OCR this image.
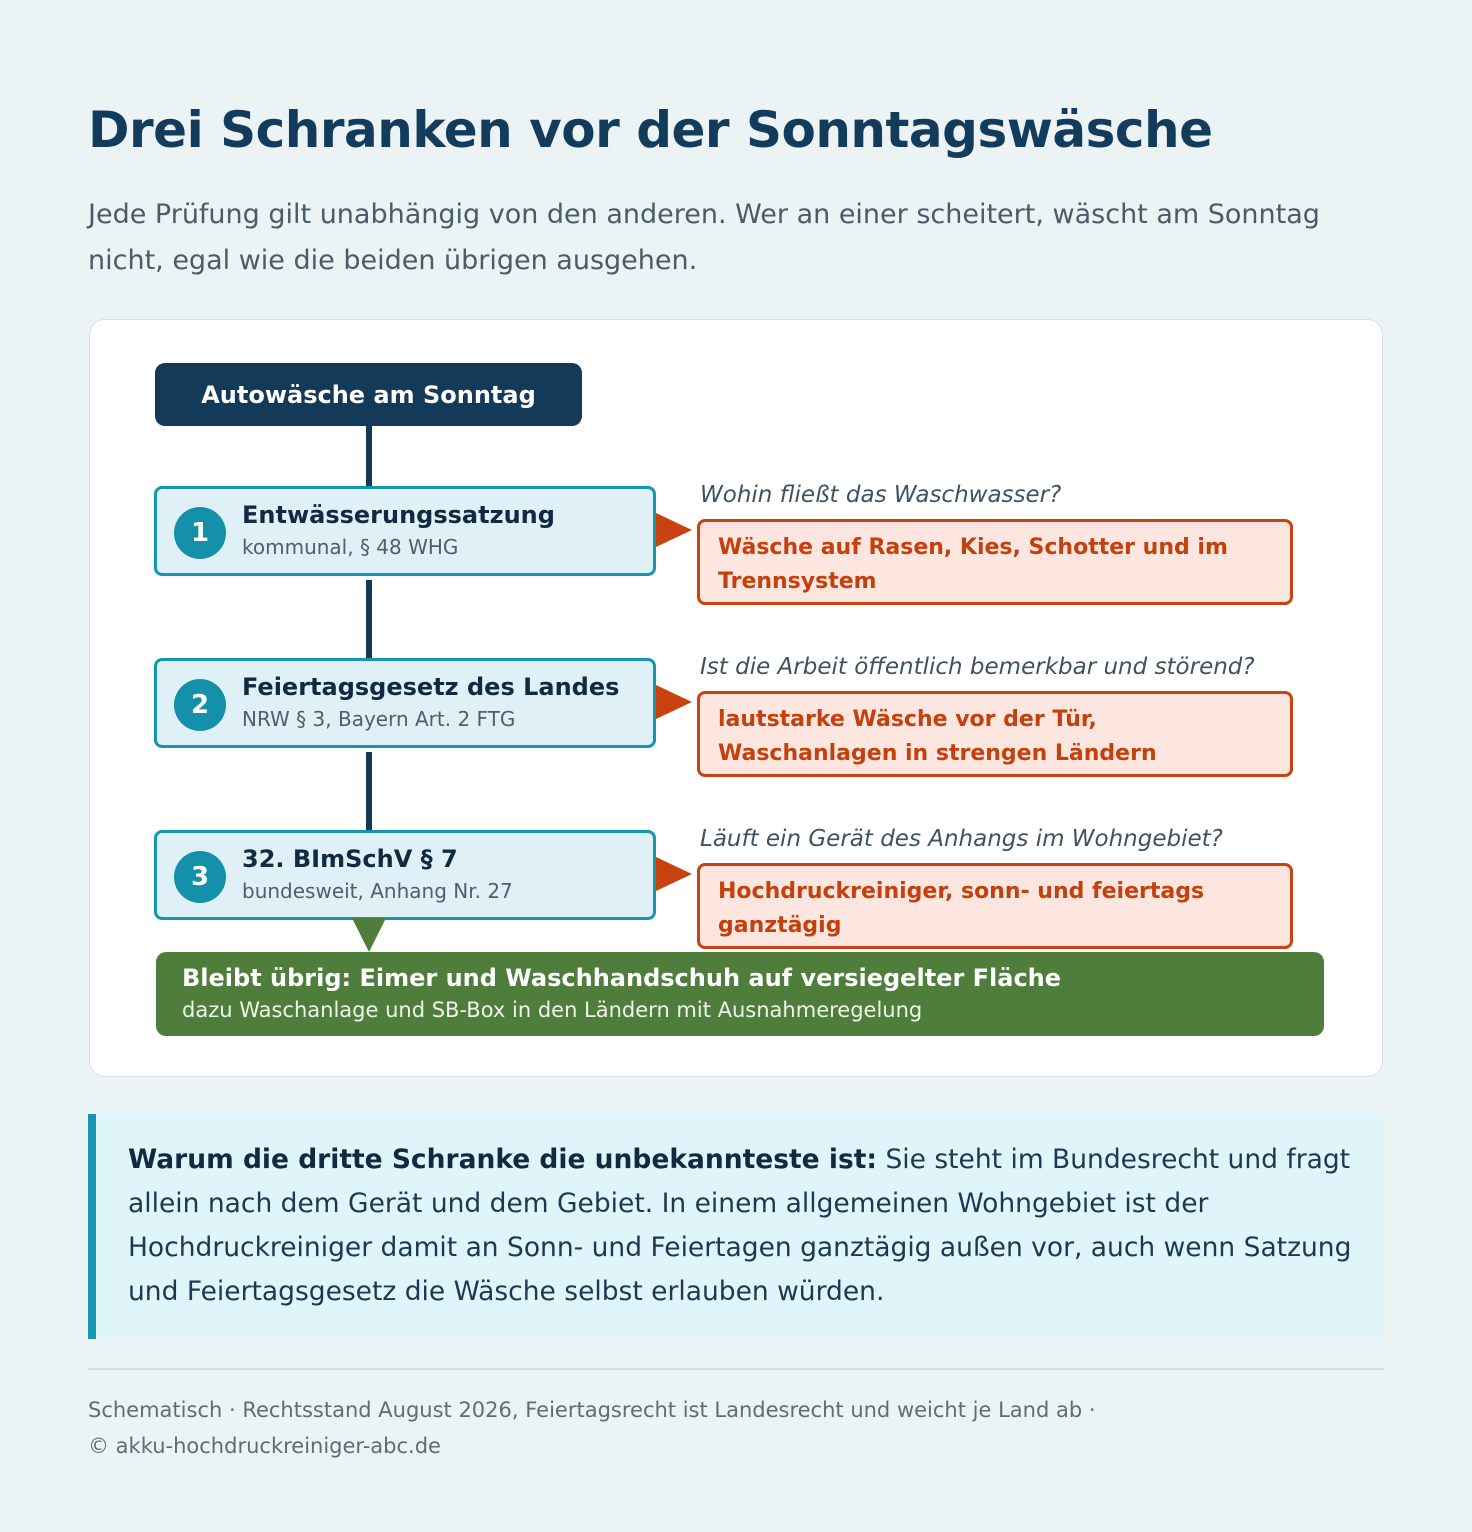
Drei Schranken vor der Sonntagswäsche
Jede Prüfung gilt unabhängig von den anderen. Wer an einer scheitert, wäscht am Sonntag nicht, egal wie die beiden übrigen ausgehen.
Autowäsche am Sonntag
1
Entwässerungssatzung
kommunal, § 48 WHG
Wohin fließt das Waschwasser?
Wäsche auf Rasen, Kies, Schotter und im Trennsystem
2
Feiertagsgesetz des Landes
NRW § 3, Bayern Art. 2 FTG
Ist die Arbeit öffentlich bemerkbar und störend?
lautstarke Wäsche vor der Tür, Waschanlagen in strengen Ländern
3
32. BImSchV § 7
bundesweit, Anhang Nr. 27
Läuft ein Gerät des Anhangs im Wohngebiet?
Hochdruckreiniger, sonn- und feiertags ganztägig
Bleibt übrig: Eimer und Waschhandschuh auf versiegelter Fläche
dazu Waschanlage und SB-Box in den Ländern mit Ausnahmeregelung

Warum die dritte Schranke die unbekannteste ist: Sie steht im Bundesrecht und fragt allein nach dem Gerät und dem Gebiet. In einem allgemeinen Wohngebiet ist der Hochdruckreiniger damit an Sonn- und Feiertagen ganztägig außen vor, auch wenn Satzung und Feiertagsgesetz die Wäsche selbst erlauben würden.

Schematisch · Rechtsstand August 2026, Feiertagsrecht ist Landesrecht und weicht je Land ab ·
© akku-hochdruckreiniger-abc.de
